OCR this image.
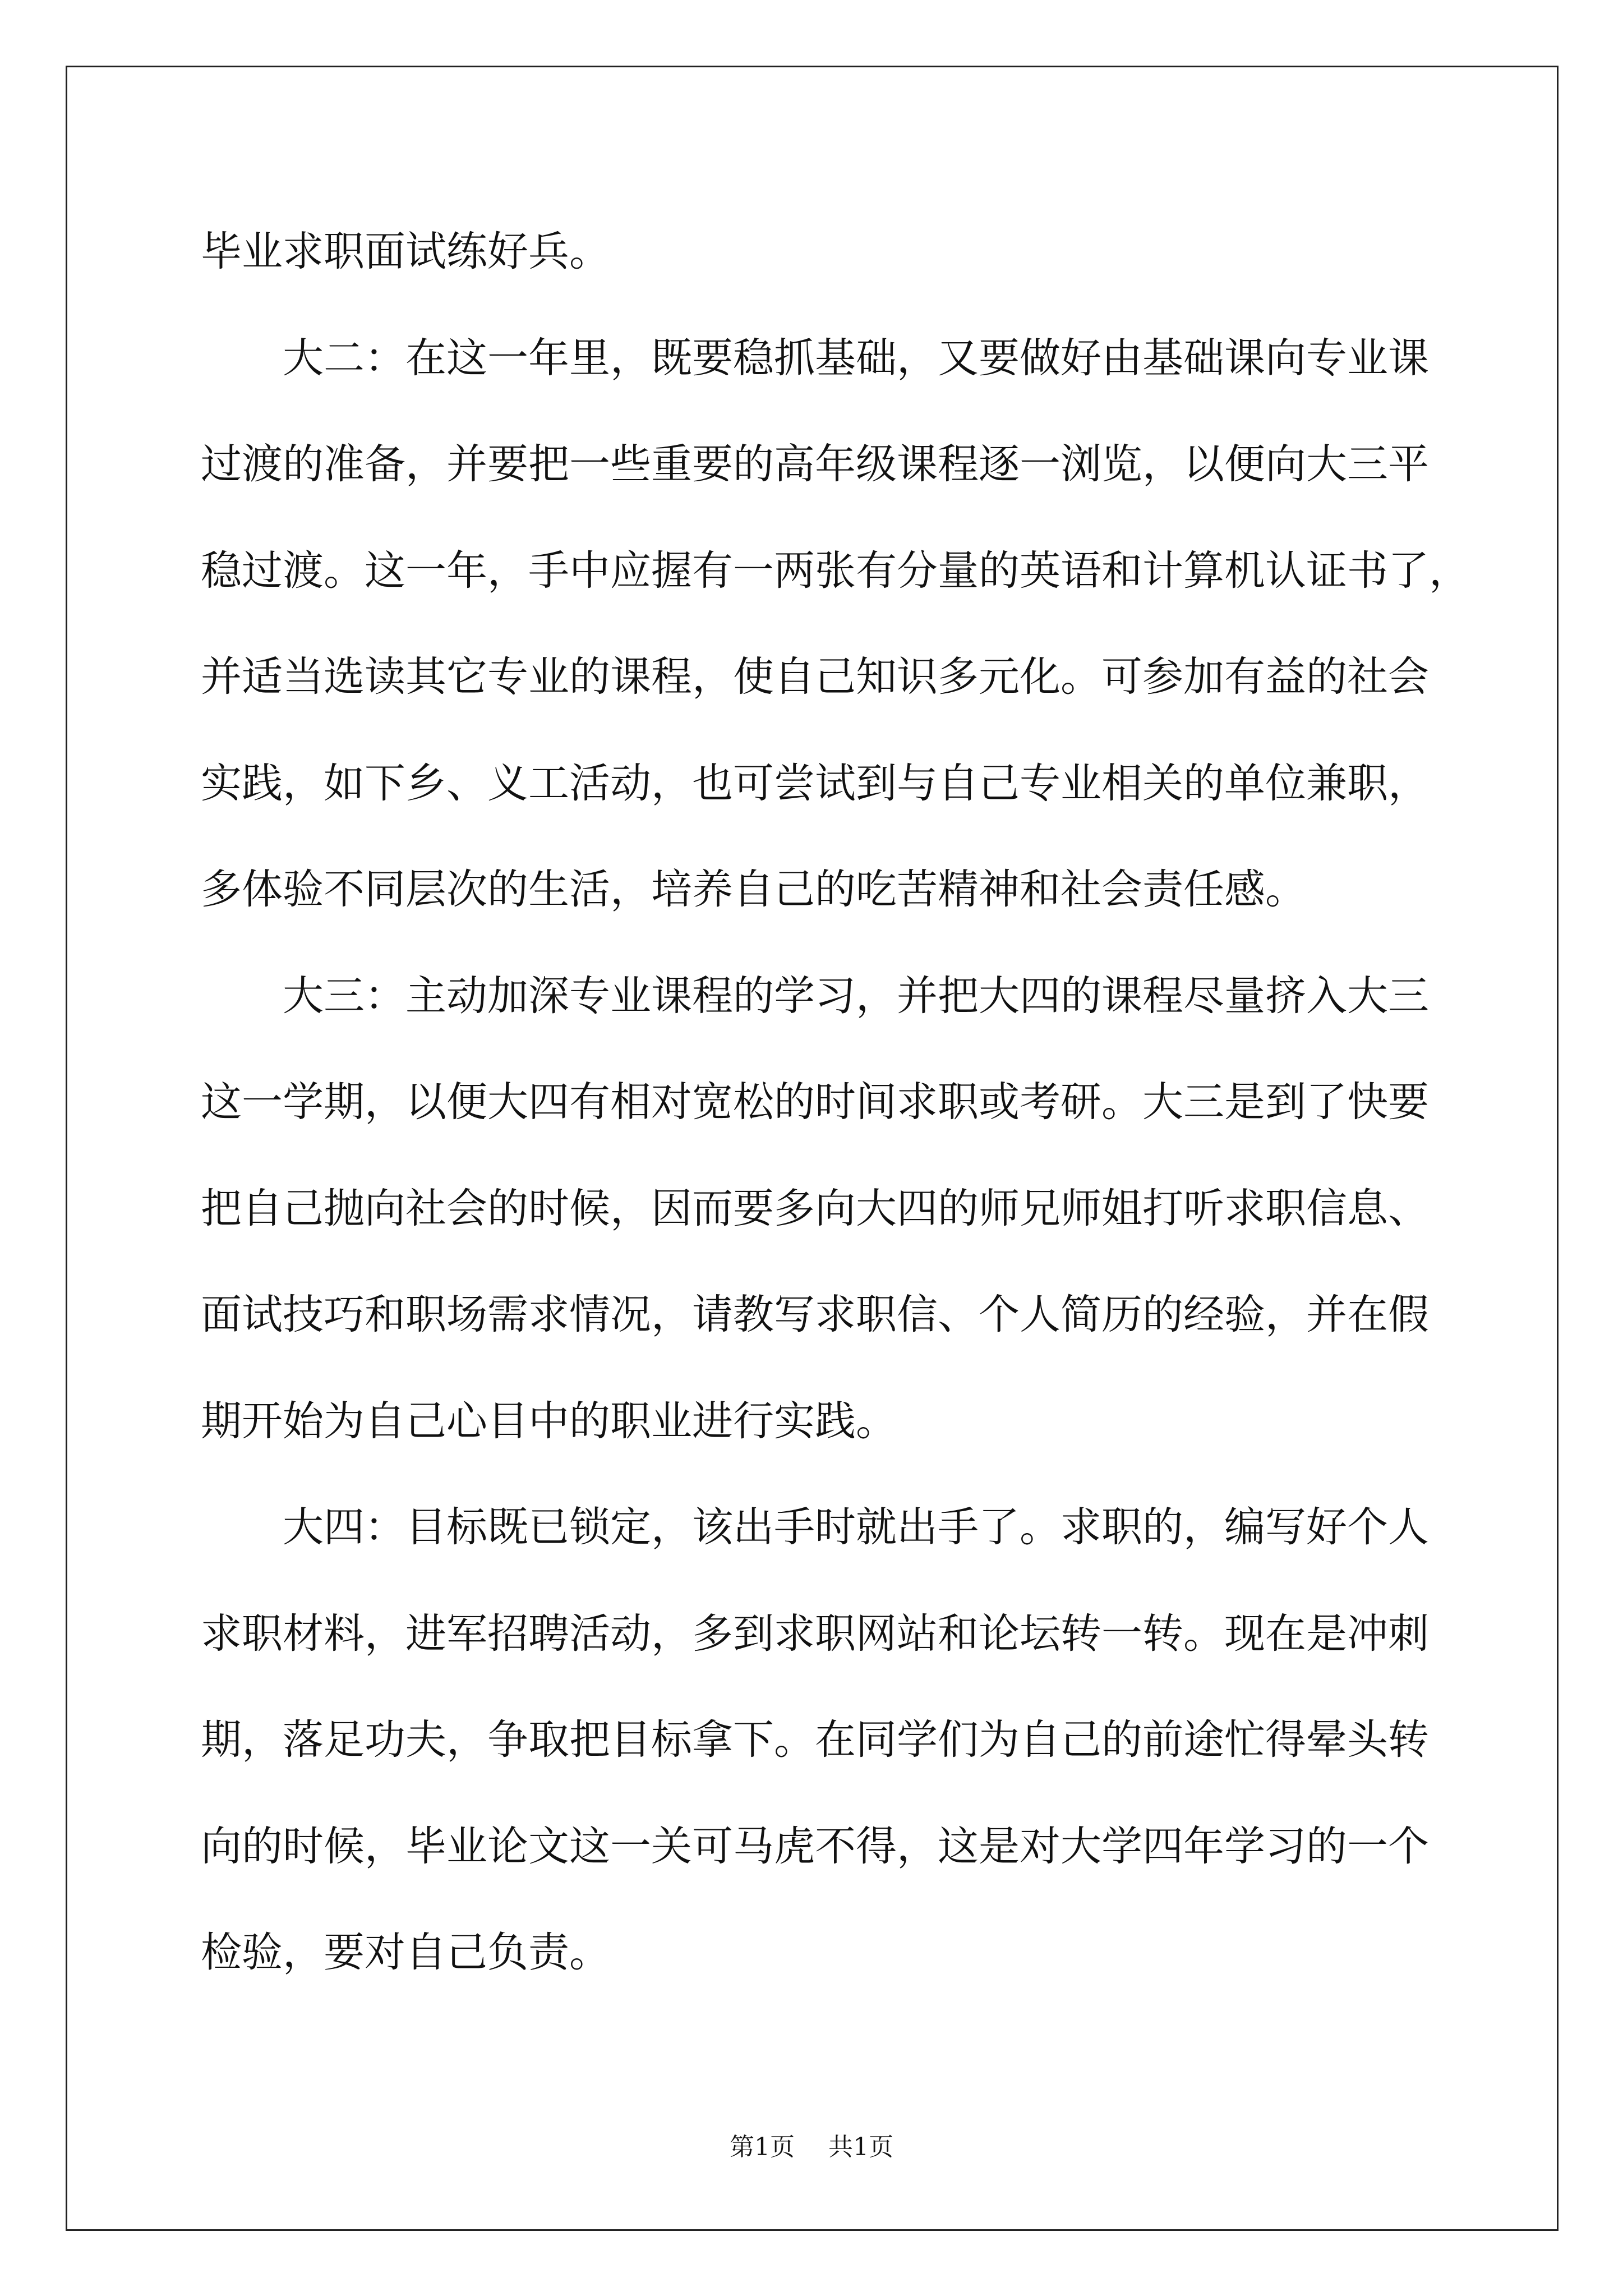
毕业求职面试练好兵。
大二：在这一年里，既要稳抓基础，又要做好由基础课向专业课
过渡的准备，并要把一些重要的高年级课程逐一浏览，以便向大三平
稳过渡。这一年，手中应握有一两张有分量的英语和计算机认证书了，
并适当选读其它专业的课程，使自己知识多元化。可参加有益的社会
实践，如下乡、义工活动，也可尝试到与自己专业相关的单位兼职，
多体验不同层次的生活，培养自己的吃苦精神和社会责任感。
大三：主动加深专业课程的学习，并把大四的课程尽量挤入大三
这一学期，以便大四有相对宽松的时间求职或考研。大三是到了快要
把自己抛向社会的时候，因而要多向大四的师兄师姐打听求职信息、
面试技巧和职场需求情况，请教写求职信、个人简历的经验，并在假
期开始为自己心目中的职业进行实践。
大四：目标既已锁定，该出手时就出手了。求职的，编写好个人
求职材料，进军招聘活动，多到求职网站和论坛转一转。现在是冲刺
期，落足功夫，争取把目标拿下。在同学们为自己的前途忙得晕头转
向的时候，毕业论文这一关可马虎不得，这是对大学四年学习的一个
检验，要对自己负责。
第1页 共1页
